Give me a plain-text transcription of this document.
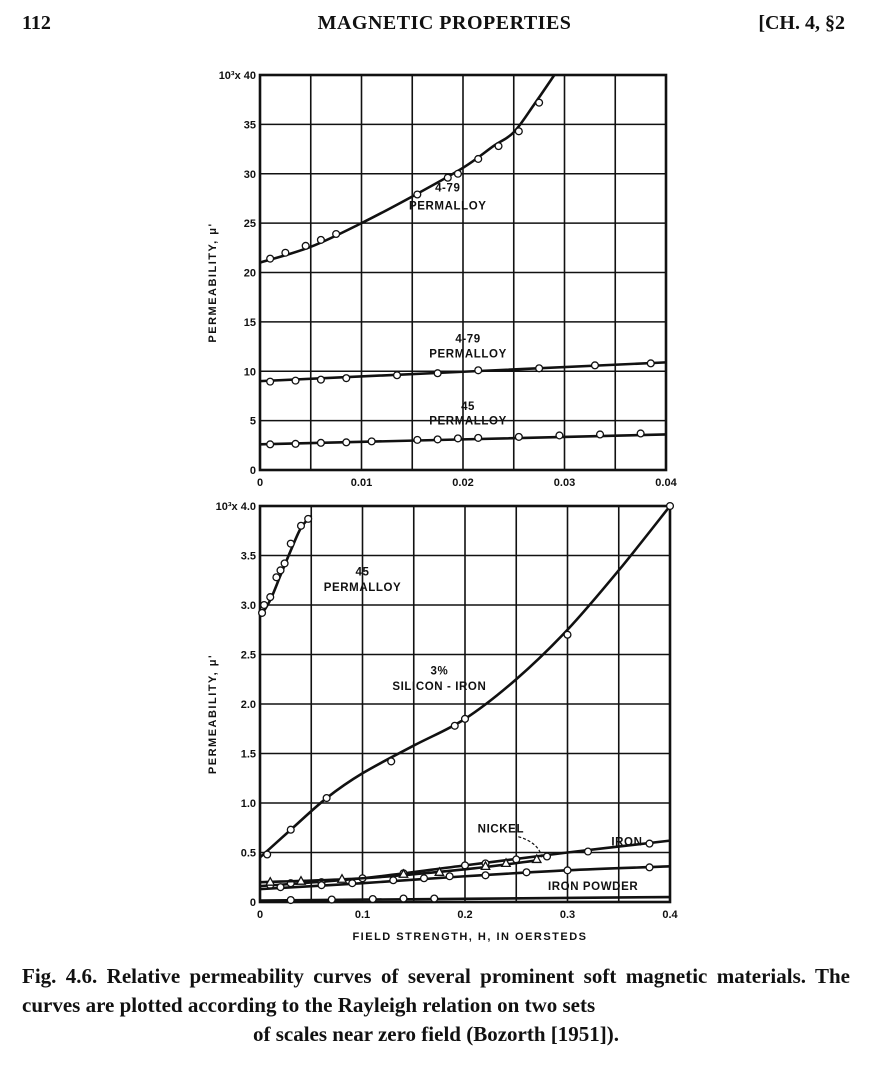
112	MAGNETIC PROPERTIES	[CH. 4, §2
0	0.01	0.02	0.03	0.04
0
5
10
15
20
25
30
35
10³x 40
PERMEABILITY, μ'
4-79
PERMALLOY
4-79
PERMALLOY
45
PERMALLOY
0	0.1	0.2	0.3	0.4
0
0.5
1.0
1.5
2.0
2.5
3.0
3.5
10³x 4.0
PERMEABILITY, μ'
FIELD STRENGTH, H, IN OERSTEDS
45
PERMALLOY
3%
SILICON - IRON
NICKEL
IRON
IRON POWDER
Fig. 4.6. Relative permeability curves of several prominent soft magnetic materials. The curves are plotted according to the Rayleigh relation on two sets
of scales near zero field (Bozorth [1951]).
